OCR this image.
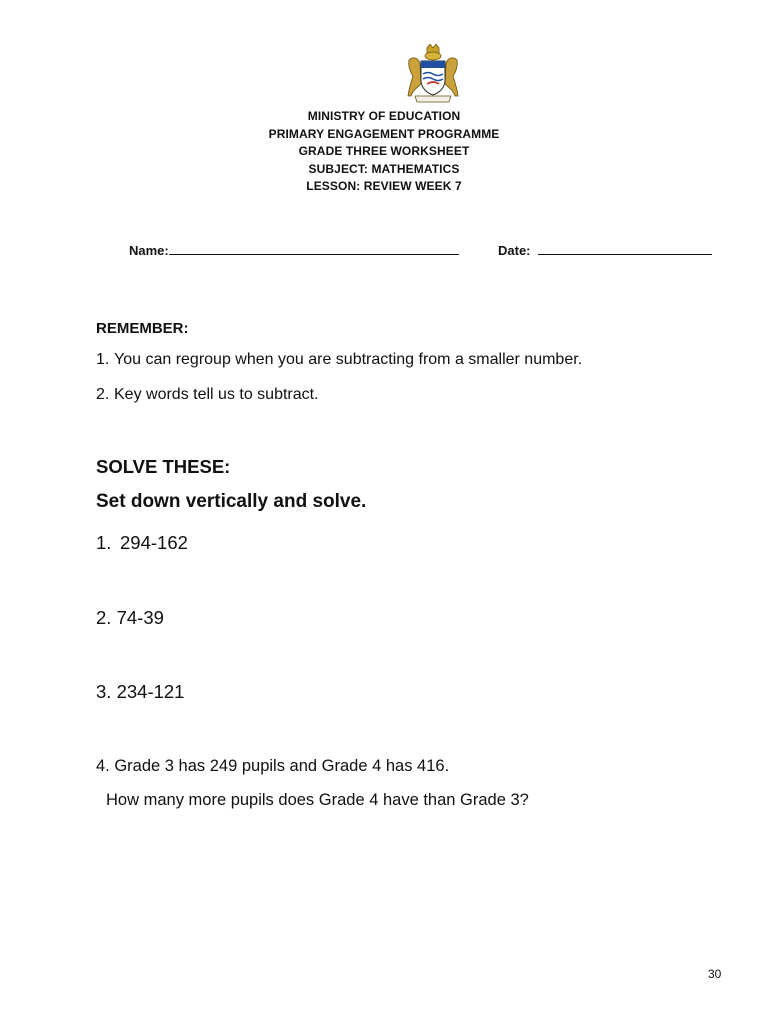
MINISTRY OF EDUCATION
PRIMARY ENGAGEMENT PROGRAMME
GRADE THREE WORKSHEET
SUBJECT: MATHEMATICS
LESSON: REVIEW WEEK 7
Name:	Date:
REMEMBER:
1. You can regroup when you are subtracting from a smaller number.
2. Key words tell us to subtract.
SOLVE THESE:
Set down vertically and solve.
1. 294-162
2. 74-39
3. 234-121
4. Grade 3 has 249 pupils and Grade 4 has 416.
How many more pupils does Grade 4 have than Grade 3?
30
